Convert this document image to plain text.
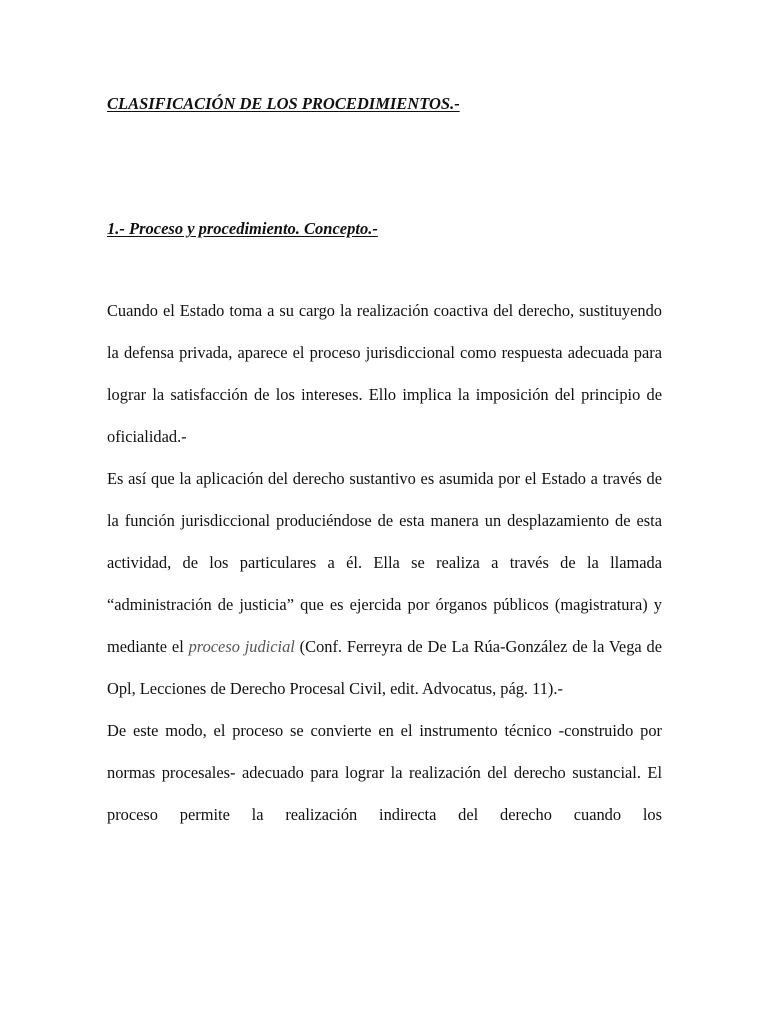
CLASIFICACIÓN DE LOS PROCEDIMIENTOS.-
1.- Proceso y procedimiento. Concepto.-

Cuando el Estado toma a su cargo la realización coactiva del derecho, sustituyendo la defensa privada, aparece el proceso jurisdiccional como respuesta adecuada para lograr la satisfacción de los intereses. Ello implica la imposición del principio de oficialidad.-

Es así que la aplicación del derecho sustantivo es asumida por el Estado a través de la función jurisdiccional produciéndose de esta manera un desplazamiento de esta actividad, de los particulares a él. Ella se realiza a través de la llamada “administración de justicia” que es ejercida por órganos públicos (magistratura) y mediante el proceso judicial (Conf. Ferreyra de De La Rúa-González de la Vega de Opl, Lecciones de Derecho Procesal Civil, edit. Advocatus, pág. 11).-

De este modo, el proceso se convierte en el instrumento técnico -construido por normas procesales- adecuado para lograr la realización del derecho sustancial. El proceso permite la realización indirecta del derecho cuando los
